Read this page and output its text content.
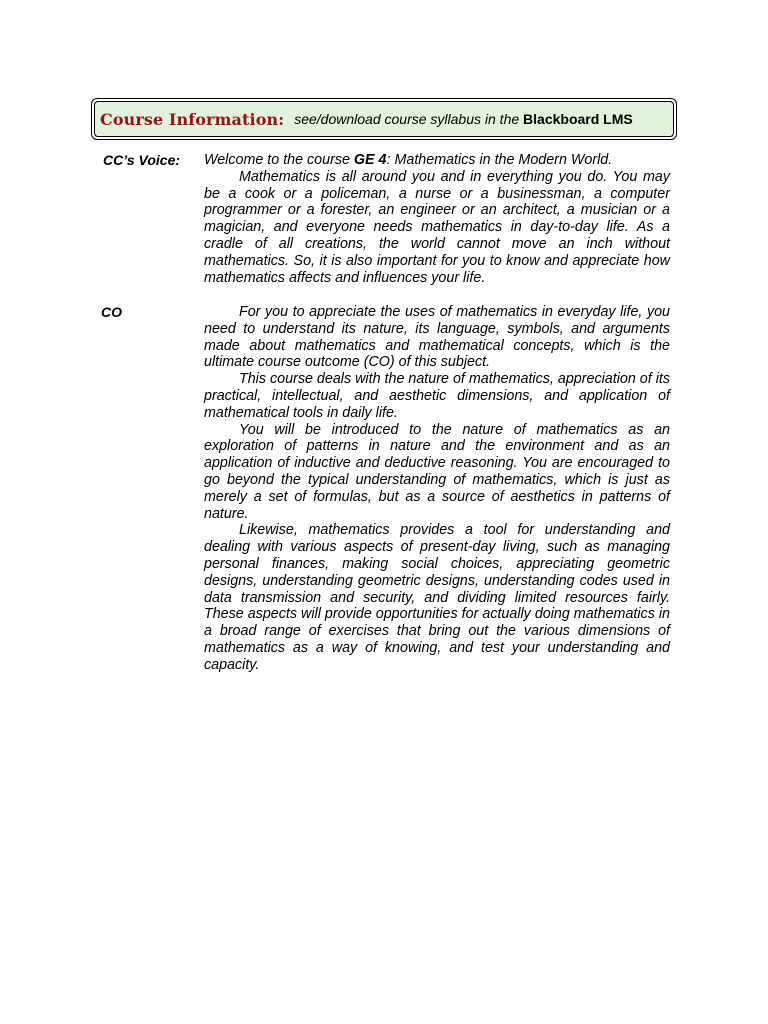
Course Information: see/download course syllabus in the Blackboard LMS
CC’s Voice: Welcome to the course GE 4: Mathematics in the Modern World.

Mathematics is all around you and in everything you do. You may be a cook or a policeman, a nurse or a businessman, a computer programmer or a forester, an engineer or an architect, a musician or a magician, and everyone needs mathematics in day-to-day life. As a cradle of all creations, the world cannot move an inch without mathematics. So, it is also important for you to know and appreciate how mathematics affects and influences your life.

CO	For you to appreciate the uses of mathematics in everyday life, you need to understand its nature, its language, symbols, and arguments made about mathematics and mathematical concepts, which is the ultimate course outcome (CO) of this subject.

This course deals with the nature of mathematics, appreciation of its practical, intellectual, and aesthetic dimensions, and application of mathematical tools in daily life.

You will be introduced to the nature of mathematics as an exploration of patterns in nature and the environment and as an application of inductive and deductive reasoning. You are encouraged to go beyond the typical understanding of mathematics, which is just as merely a set of formulas, but as a source of aesthetics in patterns of nature.

Likewise, mathematics provides a tool for understanding and dealing with various aspects of present-day living, such as managing personal finances, making social choices, appreciating geometric designs, understanding geometric designs, understanding codes used in data transmission and security, and dividing limited resources fairly. These aspects will provide opportunities for actually doing mathematics in a broad range of exercises that bring out the various dimensions of mathematics as a way of knowing, and test your understanding and capacity.
